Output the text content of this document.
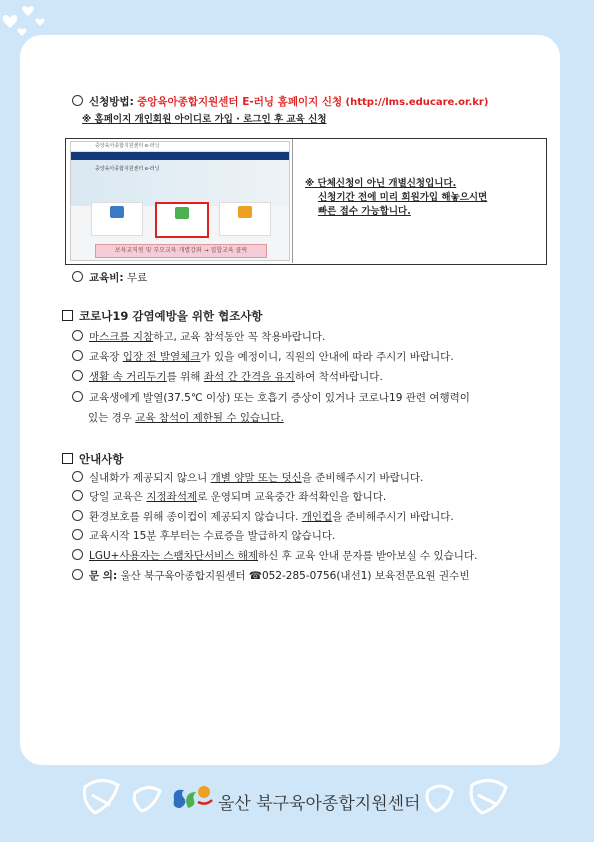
신청방법: 중앙육아종합지원센터 E-러닝 홈페이지 신청 (http://lms.educare.or.kr)
※ 홈페이지 개인회원 아이디로 가입 · 로그인 후 교육 신청
중앙육아종합지원센터 e-러닝
중앙육아종합지원센터 e-러닝
보육교직원 및 부모교육 개별강좌 → 집합교육 클릭
※ 단체신청이 아닌 개별신청입니다.
신청기간 전에 미리 회원가입 해놓으시면
빠른 접수 가능합니다.
교육비: 무료
코로나19 감염예방을 위한 협조사항
마스크를 지참하고, 교육 참석동안 꼭 착용바랍니다.
교육장 입장 전 발열체크가 있을 예정이니, 직원의 안내에 따라 주시기 바랍니다.
생활 속 거리두기를 위해 좌석 간 간격을 유지하여 착석바랍니다.
교육생에게 발열(37.5℃ 이상) 또는 호흡기 증상이 있거나 코로나19 관련 여행력이
있는 경우 교육 참석이 제한될 수 있습니다.
안내사항
실내화가 제공되지 않으니 개별 양말 또는 덧신을 준비해주시기 바랍니다.
당일 교육은 지정좌석제로 운영되며 교육중간 좌석확인을 합니다.
환경보호를 위해 종이컵이 제공되지 않습니다. 개인컵을 준비해주시기 바랍니다.
교육시작 15분 후부터는 수료증을 발급하지 않습니다.
LGU+사용자는 스팸차단서비스 해제하신 후 교육 안내 문자를 받아보실 수 있습니다.
문 의: 울산 북구육아종합지원센터 ☎052-285-0756(내선1) 보육전문요원 권수빈
울산 북구육아종합지원센터
